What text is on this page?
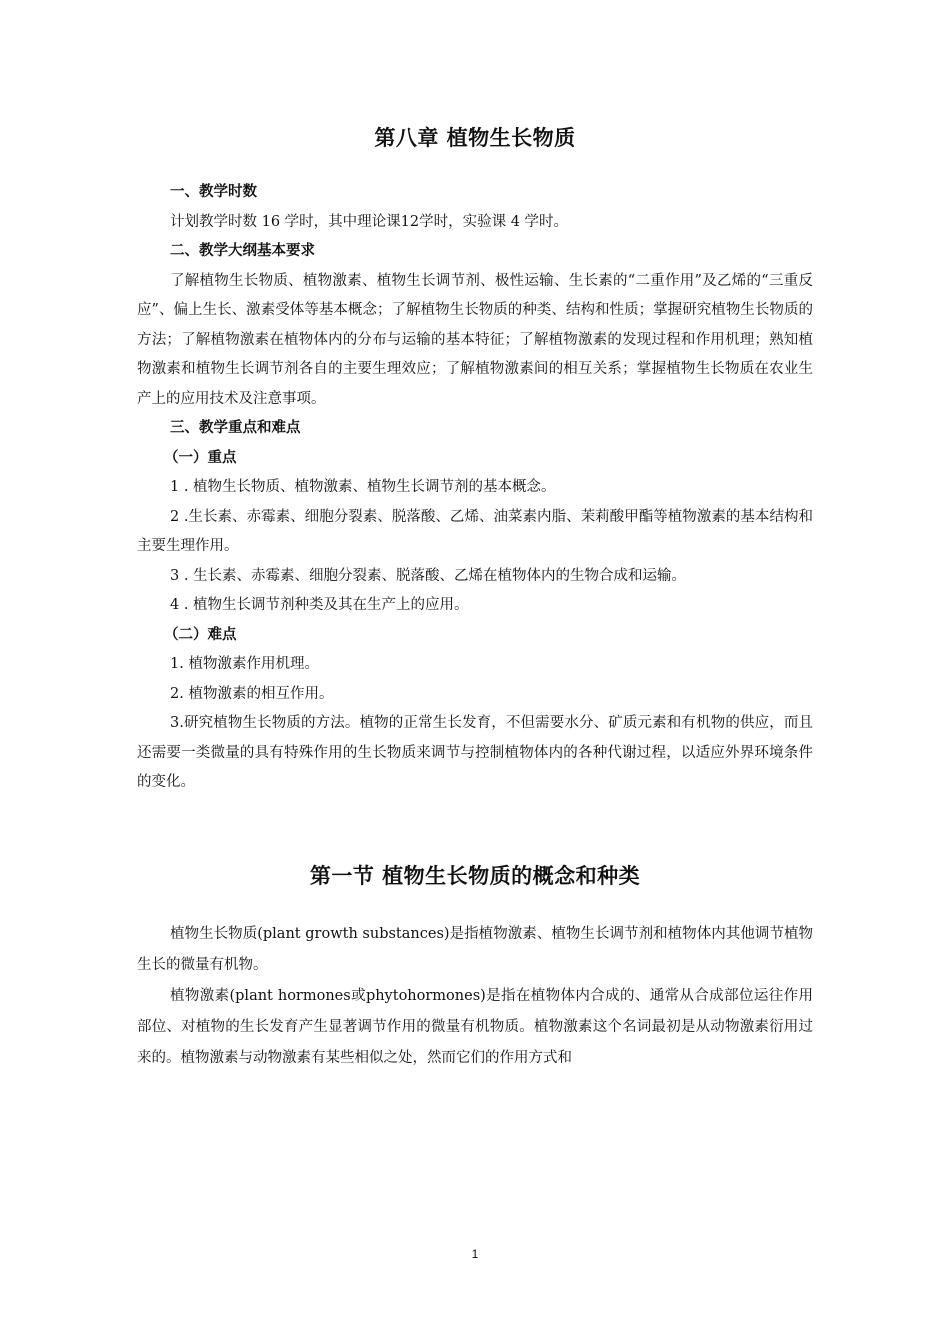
第八章 植物生长物质

一、教学时数

计划教学时数 16 学时，其中理论课12学时，实验课 4 学时。

二、教学大纲基本要求

了解植物生长物质、植物激素、植物生长调节剂、极性运输、生长素的“二重作用”及乙烯的“三重反应”、偏上生长、激素受体等基本概念；了解植物生长物质的种类、结构和性质；掌握研究植物生长物质的方法；了解植物激素在植物体内的分布与运输的基本特征；了解植物激素的发现过程和作用机理；熟知植物激素和植物生长调节剂各自的主要生理效应；了解植物激素间的相互关系；掌握植物生长物质在农业生产上的应用技术及注意事项。

三、教学重点和难点

（一）重点

1 . 植物生长物质、植物激素、植物生长调节剂的基本概念。

2 .生长素、赤霉素、细胞分裂素、脱落酸、乙烯、油菜素内脂、茉莉酸甲酯等植物激素的基本结构和主要生理作用。

3 . 生长素、赤霉素、细胞分裂素、脱落酸、乙烯在植物体内的生物合成和运输。

4 . 植物生长调节剂种类及其在生产上的应用。

（二）难点

1. 植物激素作用机理。

2. 植物激素的相互作用。

3.研究植物生长物质的方法。植物的正常生长发育，不但需要水分、矿质元素和有机物的供应，而且还需要一类微量的具有特殊作用的生长物质来调节与控制植物体内的各种代谢过程，以适应外界环境条件的变化。

第一节 植物生长物质的概念和种类

植物生长物质(plant growth substances)是指植物激素、植物生长调节剂和植物体内其他调节植物生长的微量有机物。

植物激素(plant hormones或phytohormones)是指在植物体内合成的、通常从合成部位运往作用部位、对植物的生长发育产生显著调节作用的微量有机物质。植物激素这个名词最初是从动物激素衍用过来的。植物激素与动物激素有某些相似之处，然而它们的作用方式和

1
